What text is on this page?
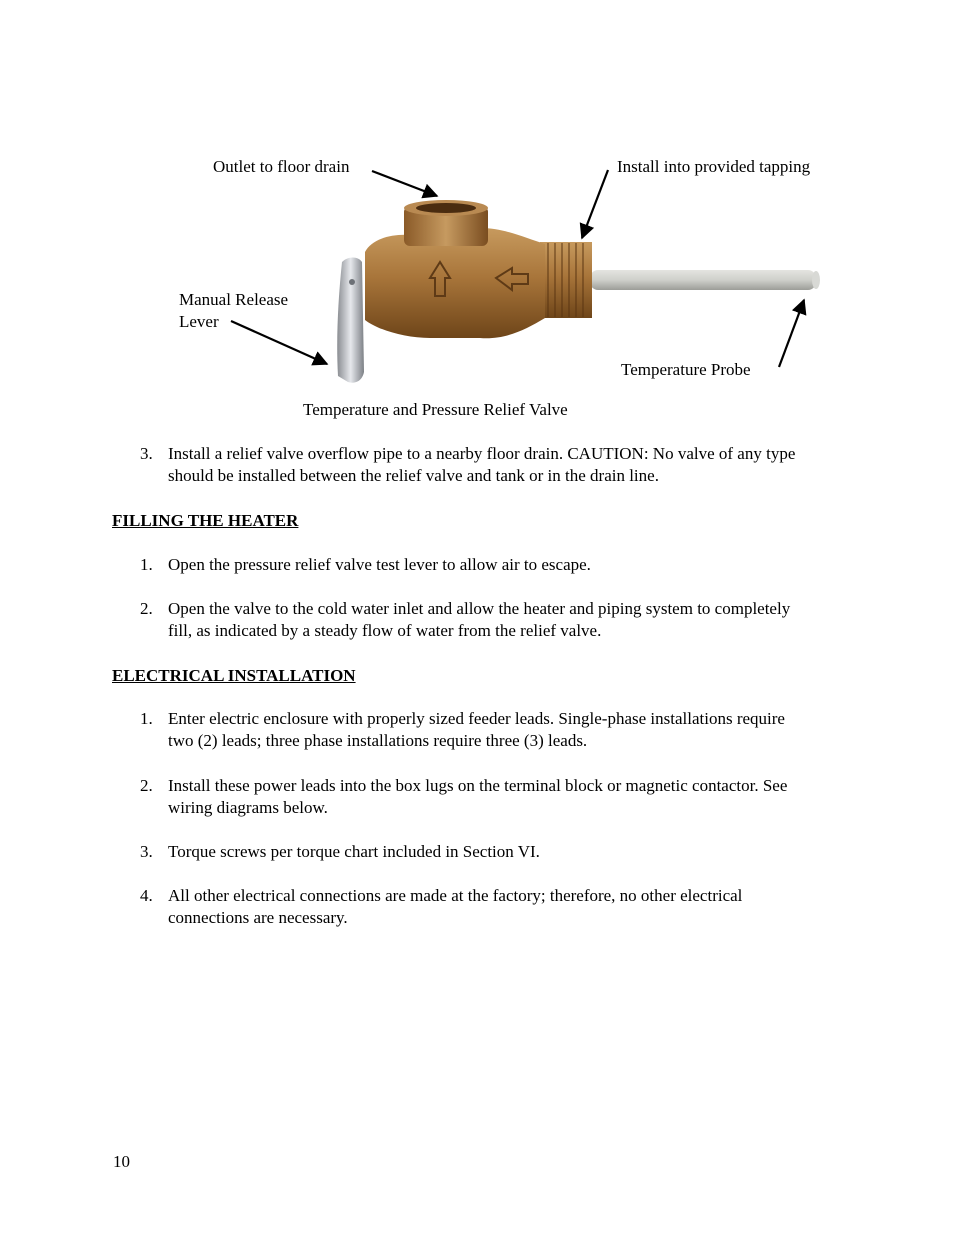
Outlet to floor drain	Install into provided tapping
Manual Release
Lever
Temperature Probe
Temperature and Pressure Relief Valve
3. Install a relief valve overflow pipe to a nearby floor drain. CAUTION: No valve of any type
should be installed between the relief valve and tank or in the drain line.
FILLING THE HEATER
1. Open the pressure relief valve test lever to allow air to escape.
2. Open the valve to the cold water inlet and allow the heater and piping system to completely
fill, as indicated by a steady flow of water from the relief valve.
ELECTRICAL INSTALLATION
1. Enter electric enclosure with properly sized feeder leads. Single-phase installations require
two (2) leads; three phase installations require three (3) leads.
2. Install these power leads into the box lugs on the terminal block or magnetic contactor. See
wiring diagrams below.
3. Torque screws per torque chart included in Section VI.
4. All other electrical connections are made at the factory; therefore, no other electrical
connections are necessary.
10
